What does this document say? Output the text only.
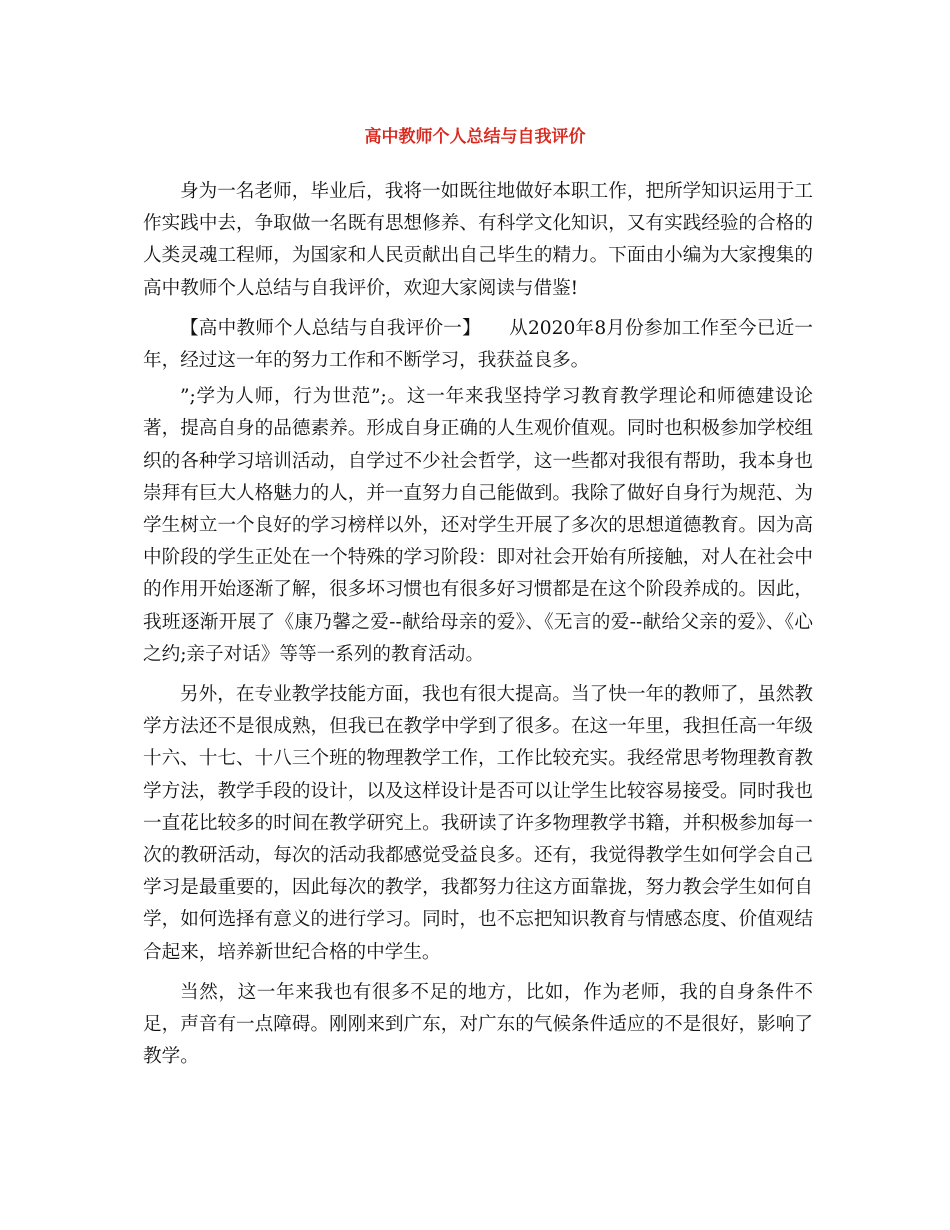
高中教师个人总结与自我评价

身为一名老师，毕业后，我将一如既往地做好本职工作，把所学知识运用于工作实践中去，争取做一名既有思想修养、有科学文化知识，又有实践经验的合格的人类灵魂工程师，为国家和人民贡献出自己毕生的精力。下面由小编为大家搜集的高中教师个人总结与自我评价，欢迎大家阅读与借鉴!

【高中教师个人总结与自我评价一】　　从2020年8月份参加工作至今已近一年，经过这一年的努力工作和不断学习，我获益良多。

”;学为人师，行为世范”;。这一年来我坚持学习教育教学理论和师德建设论著，提高自身的品德素养。形成自身正确的人生观价值观。同时也积极参加学校组织的各种学习培训活动，自学过不少社会哲学，这一些都对我很有帮助，我本身也崇拜有巨大人格魅力的人，并一直努力自己能做到。我除了做好自身行为规范、为学生树立一个良好的学习榜样以外，还对学生开展了多次的思想道德教育。因为高中阶段的学生正处在一个特殊的学习阶段：即对社会开始有所接触，对人在社会中的作用开始逐渐了解，很多坏习惯也有很多好习惯都是在这个阶段养成的。因此，我班逐渐开展了《康乃馨之爱--献给母亲的爱》、《无言的爱--献给父亲的爱》、《心之约;亲子对话》等等一系列的教育活动。

另外，在专业教学技能方面，我也有很大提高。当了快一年的教师了，虽然教学方法还不是很成熟，但我已在教学中学到了很多。在这一年里，我担任高一年级十六、十七、十八三个班的物理教学工作，工作比较充实。我经常思考物理教育教学方法，教学手段的设计，以及这样设计是否可以让学生比较容易接受。同时我也一直花比较多的时间在教学研究上。我研读了许多物理教学书籍，并积极参加每一次的教研活动，每次的活动我都感觉受益良多。还有，我觉得教学生如何学会自己学习是最重要的，因此每次的教学，我都努力往这方面靠拢，努力教会学生如何自学，如何选择有意义的进行学习。同时，也不忘把知识教育与情感态度、价值观结合起来，培养新世纪合格的中学生。

当然，这一年来我也有很多不足的地方，比如，作为老师，我的自身条件不足，声音有一点障碍。刚刚来到广东，对广东的气候条件适应的不是很好，影响了教学。
